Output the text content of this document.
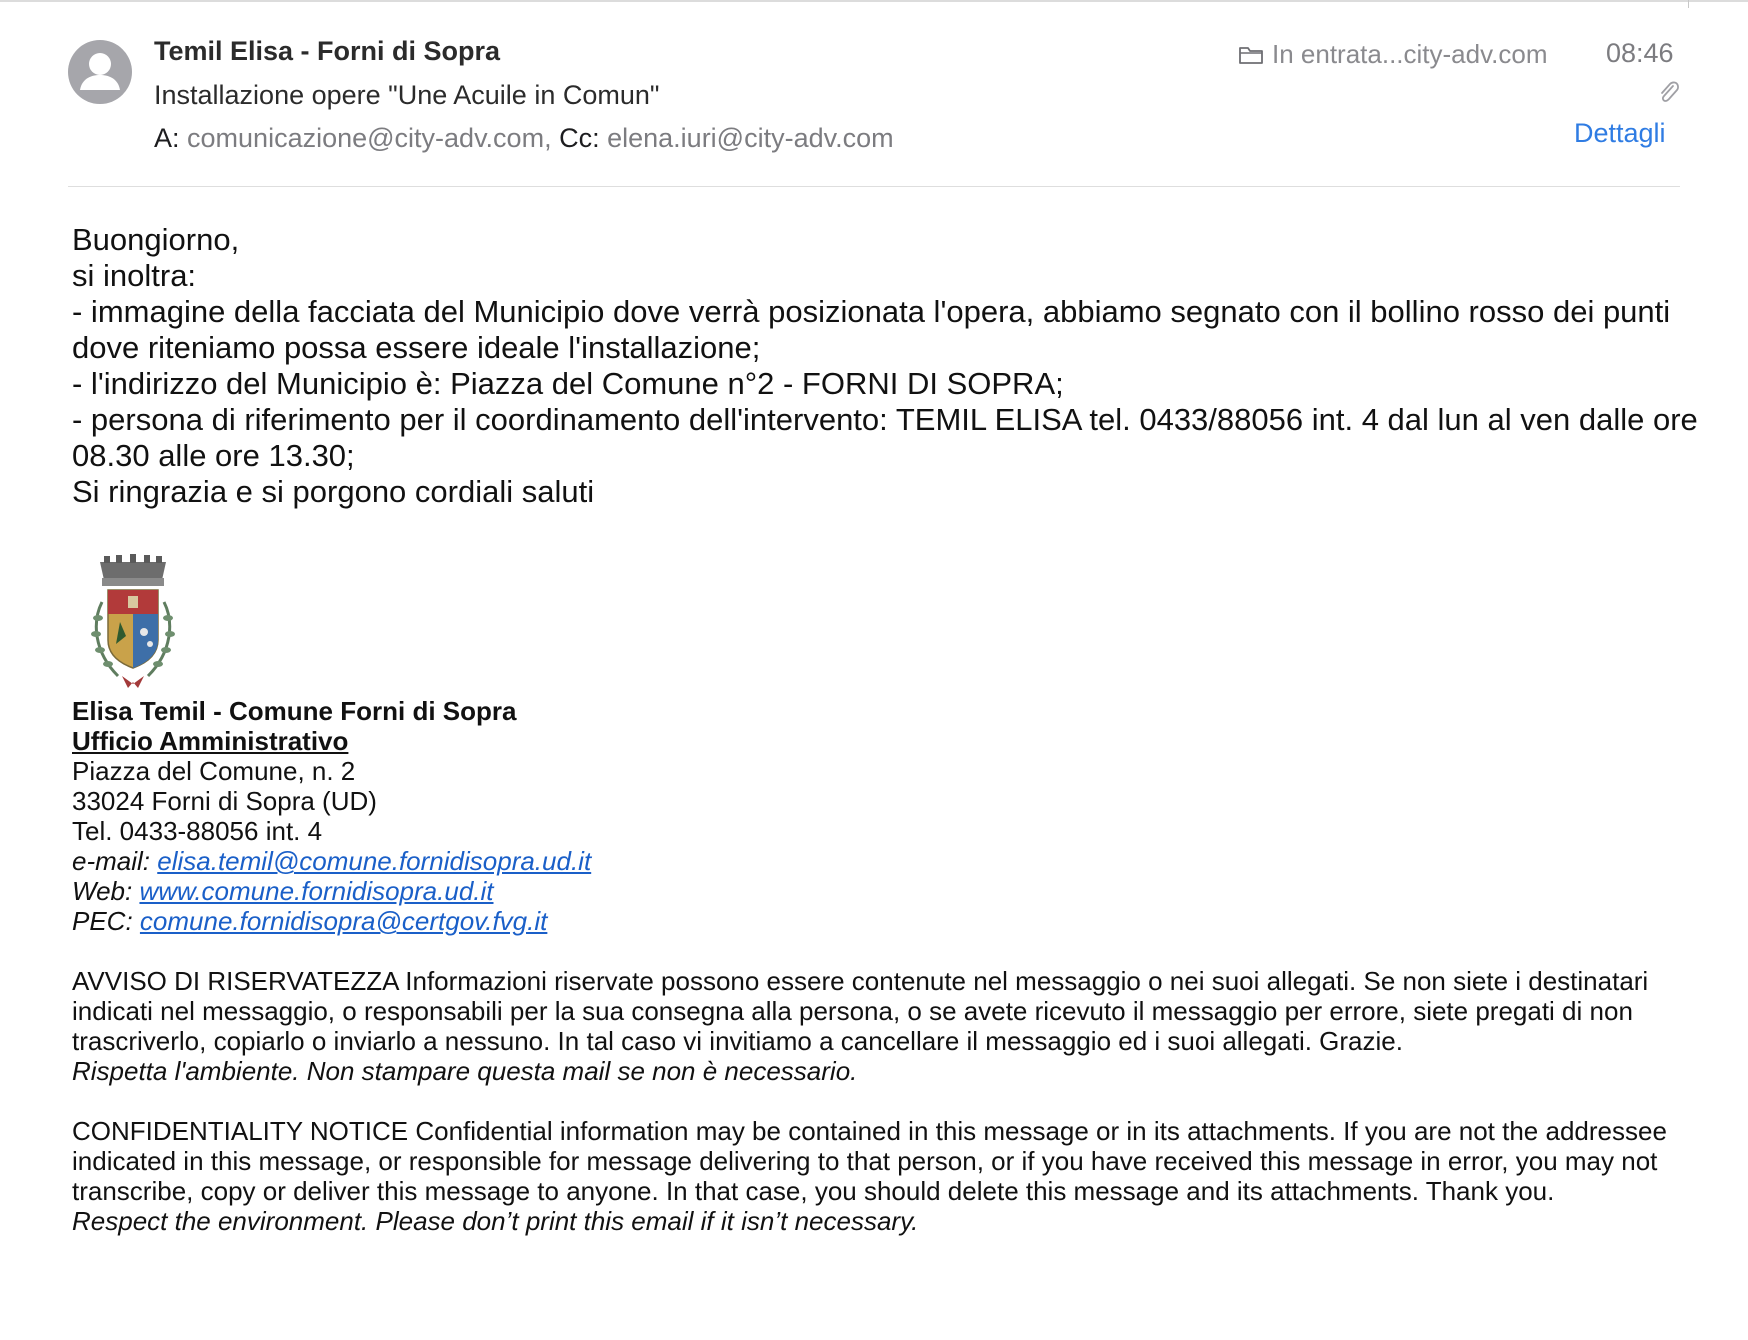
Temil Elisa - Forni di Sopra
Installazione opere "Une Acuile in Comun"
A: comunicazione@city-adv.com, Cc: elena.iuri@city-adv.com
In entrata...city-adv.com 08:46
Dettagli

Buongiorno,

si inoltra:

- immagine della facciata del Municipio dove verrà posizionata l'opera, abbiamo segnato con il bollino rosso dei punti dove riteniamo possa essere ideale l'installazione;

- l'indirizzo del Municipio è: Piazza del Comune n°2 - FORNI DI SOPRA;

- persona di riferimento per il coordinamento dell'intervento: TEMIL ELISA tel. 0433/88056 int. 4 dal lun al ven dalle ore 08.30 alle ore 13.30;

Si ringrazia e si porgono cordiali saluti

Elisa Temil - Comune Forni di Sopra

Ufficio Amministrativo

Piazza del Comune, n. 2

33024 Forni di Sopra (UD)

Tel. 0433-88056 int. 4

e-mail: elisa.temil@comune.fornidisopra.ud.it

Web: www.comune.fornidisopra.ud.it

PEC: comune.fornidisopra@certgov.fvg.it

AVVISO DI RISERVATEZZA Informazioni riservate possono essere contenute nel messaggio o nei suoi allegati. Se non siete i destinatari indicati nel messaggio, o responsabili per la sua consegna alla persona, o se avete ricevuto il messaggio per errore, siete pregati di non trascriverlo, copiarlo o inviarlo a nessuno. In tal caso vi invitiamo a cancellare il messaggio ed i suoi allegati. Grazie.

Rispetta l'ambiente. Non stampare questa mail se non è necessario.

CONFIDENTIALITY NOTICE Confidential information may be contained in this message or in its attachments. If you are not the addressee indicated in this message, or responsible for message delivering to that person, or if you have received this message in error, you may not transcribe, copy or deliver this message to anyone. In that case, you should delete this message and its attachments. Thank you.

Respect the environment. Please don’t print this email if it isn’t necessary.
